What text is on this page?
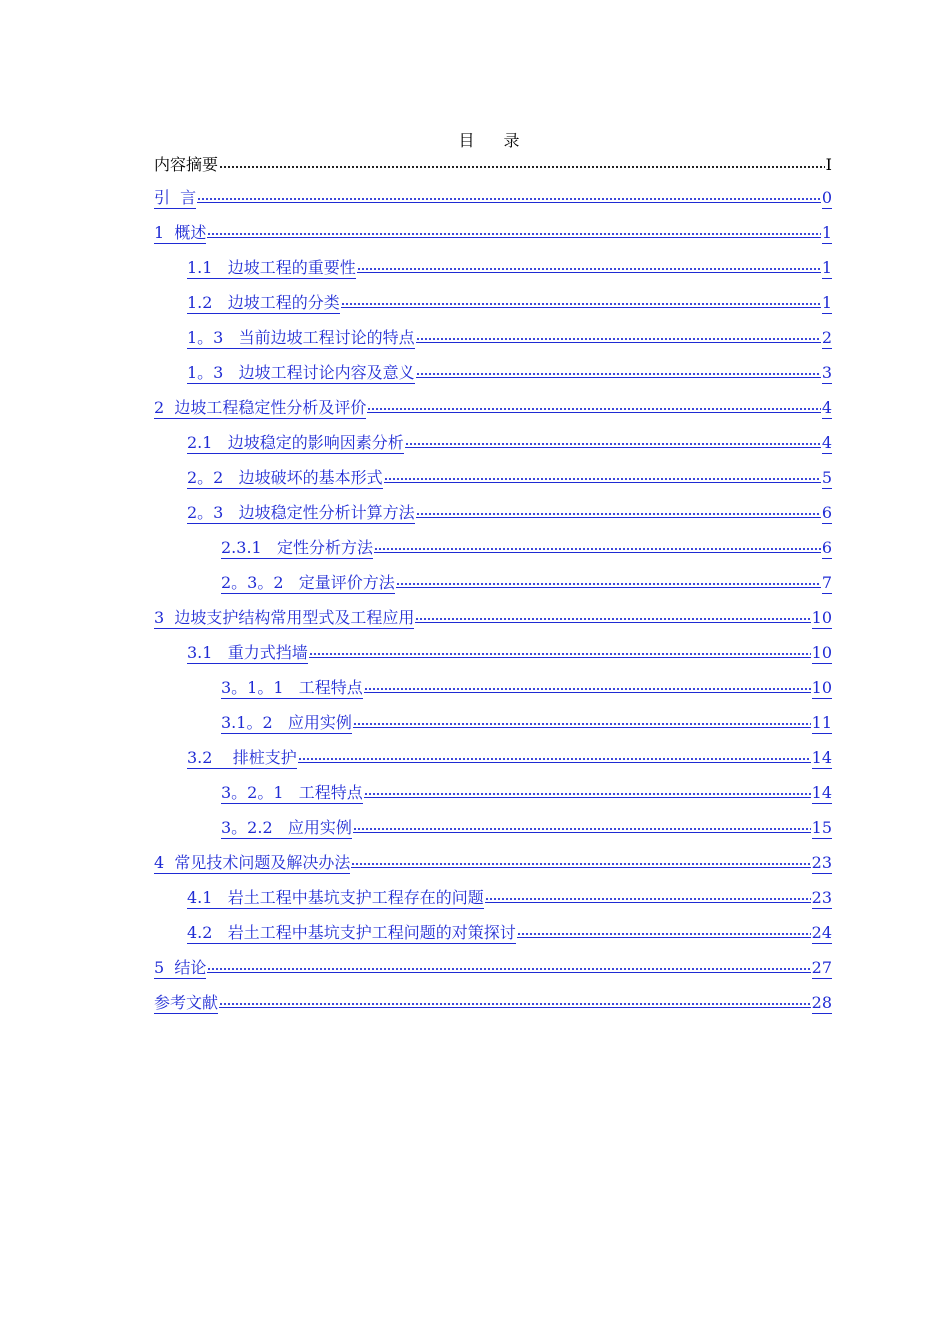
目 录
内容摘要	I
引  言	0
1  概述	1
1.1   边坡工程的重要性	1
1.2   边坡工程的分类	1
1。3   当前边坡工程讨论的特点	2
1。3   边坡工程讨论内容及意义	3
2  边坡工程稳定性分析及评价	4
2.1   边坡稳定的影响因素分析	4
2。2   边坡破坏的基本形式	5
2。3   边坡稳定性分析计算方法	6
2.3.1   定性分析方法	6
2。3。2   定量评价方法	7
3  边坡支护结构常用型式及工程应用	10
3.1   重力式挡墙	10
3。1。1   工程特点	10
3.1。2   应用实例	11
3.2    排桩支护	14
3。2。1   工程特点	14
3。2.2   应用实例	15
4  常见技术问题及解决办法	23
4.1   岩土工程中基坑支护工程存在的问题	23
4.2   岩土工程中基坑支护工程问题的对策探讨	24
5  结论	27
参考文献	28
